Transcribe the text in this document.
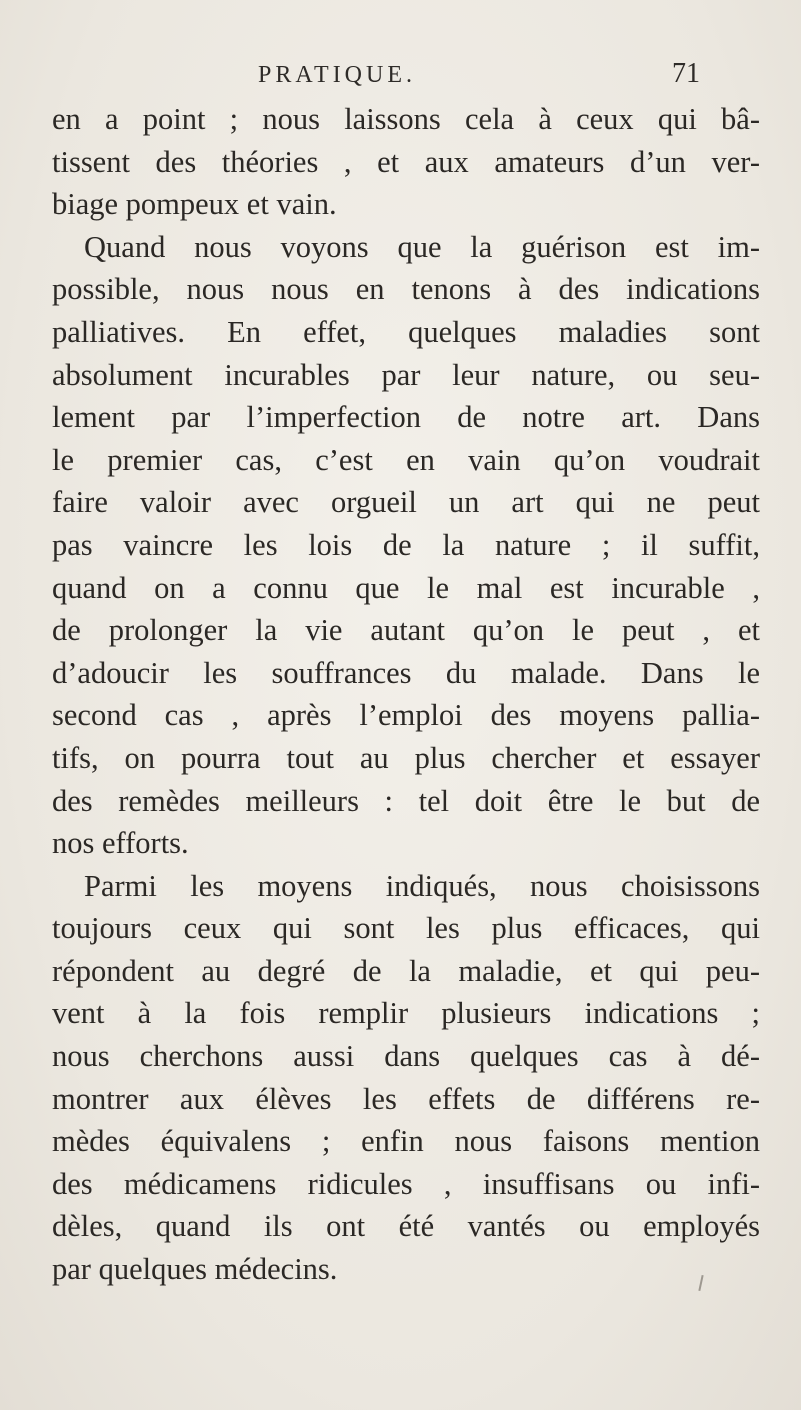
PRATIQUE.	71
en a point ; nous laissons cela à ceux qui bâ-
tissent des théories , et aux amateurs d’un ver-
biage pompeux et vain.
Quand nous voyons que la guérison est im-
possible, nous nous en tenons à des indications
palliatives. En effet, quelques maladies sont
absolument incurables par leur nature, ou seu-
lement par l’imperfection de notre art. Dans
le premier cas, c’est en vain qu’on voudrait
faire valoir avec orgueil un art qui ne peut
pas vaincre les lois de la nature ; il suffit,
quand on a connu que le mal est incurable ,
de prolonger la vie autant qu’on le peut , et
d’adoucir les souffrances du malade. Dans le
second cas , après l’emploi des moyens pallia-
tifs, on pourra tout au plus chercher et essayer
des remèdes meilleurs : tel doit être le but de
nos efforts.
Parmi les moyens indiqués, nous choisissons
toujours ceux qui sont les plus efficaces, qui
répondent au degré de la maladie, et qui peu-
vent à la fois remplir plusieurs indications ;
nous cherchons aussi dans quelques cas à dé-
montrer aux élèves les effets de différens re-
mèdes équivalens ; enfin nous faisons mention
des médicamens ridicules , insuffisans ou infi-
dèles, quand ils ont été vantés ou employés
par quelques médecins.
